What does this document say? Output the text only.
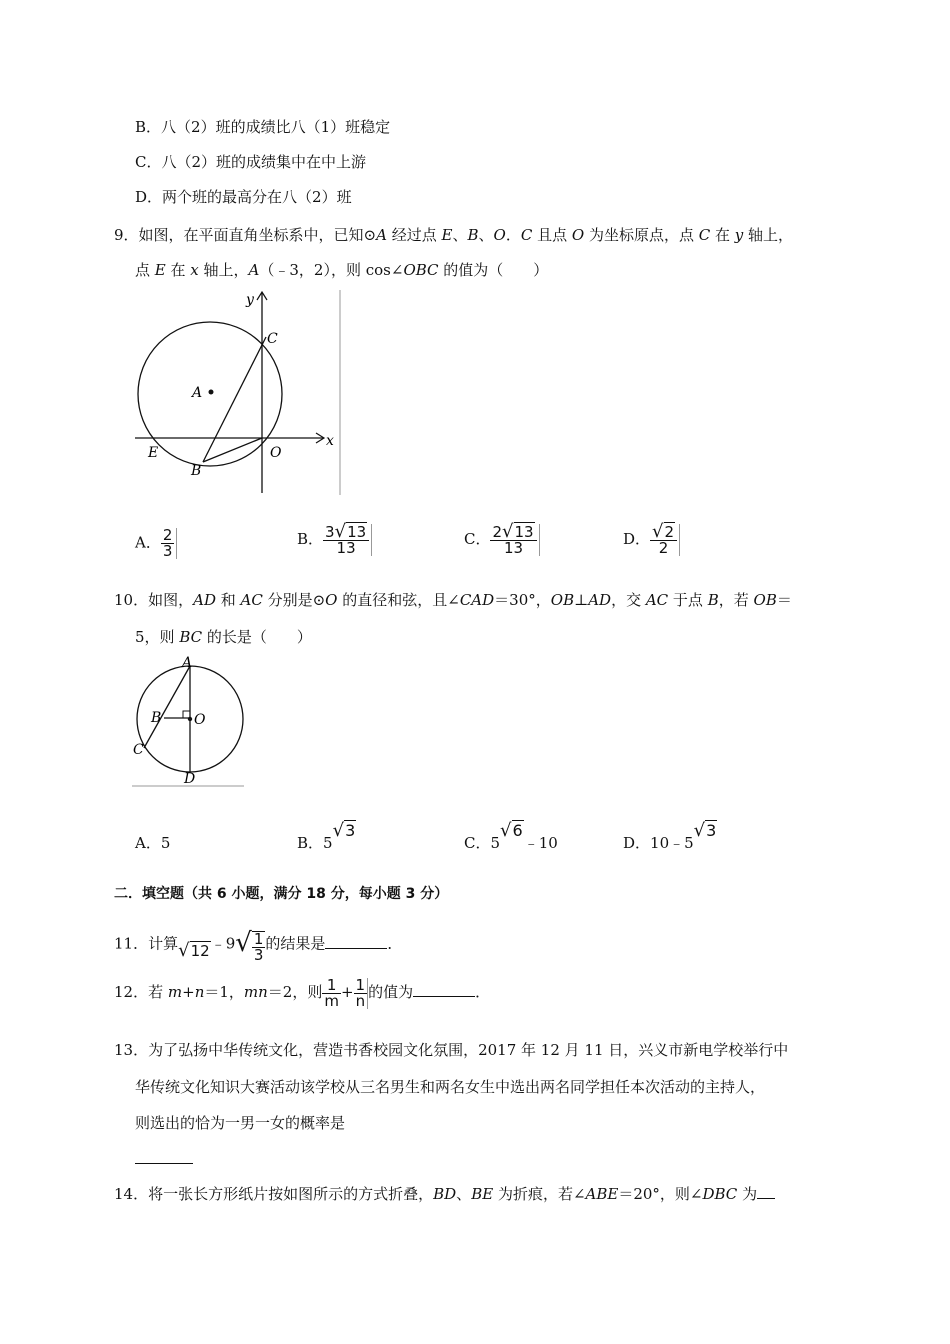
B．八（2）班的成绩比八（1）班稳定
C．八（2）班的成绩集中在中上游
D．两个班的最高分在八（2）班
9．如图，在平面直角坐标系中，已知⊙A 经过点 E、B、O．C 且点 O 为坐标原点，点 C 在 y 轴上，
点 E 在 x 轴上，A（﹣3，2），则 cos∠OBC 的值为（　　）
y
x
A
C
E	O
B
A． $\frac{2}{3}$	B． $\frac{3√13}{13}$	C． $\frac{2√13}{13}$	D． $\frac{√2}{2}$
10．如图，AD 和 AC 分别是⊙O 的直径和弦，且∠CAD＝30°，OB⊥AD，交 AC 于点 B，若 OB＝
5，则 BC 的长是（　　）
A
B O
C
D
A．5	B．5√3
C．5√6﹣10	D．10﹣5√3
二．填空题（共 6 小题，满分 18 分，每小题 3 分）
11．计算√12﹣9√ $\frac{1}{3}$ 的结果是	．
12．若 m+n＝1，mn＝2，则 $\frac{1}{m} + \frac{1}{n}$ 的值为	．
13．为了弘扬中华传统文化，营造书香校园文化氛围，2017 年 12 月 11 日，兴义市新电学校举行中
华传统文化知识大赛活动该学校从三名男生和两名女生中选出两名同学担任本次活动的主持人，
则选出的恰为一男一女的概率是
14．将一张长方形纸片按如图所示的方式折叠，BD、BE 为折痕，若∠ABE＝20°，则∠DBC 为
